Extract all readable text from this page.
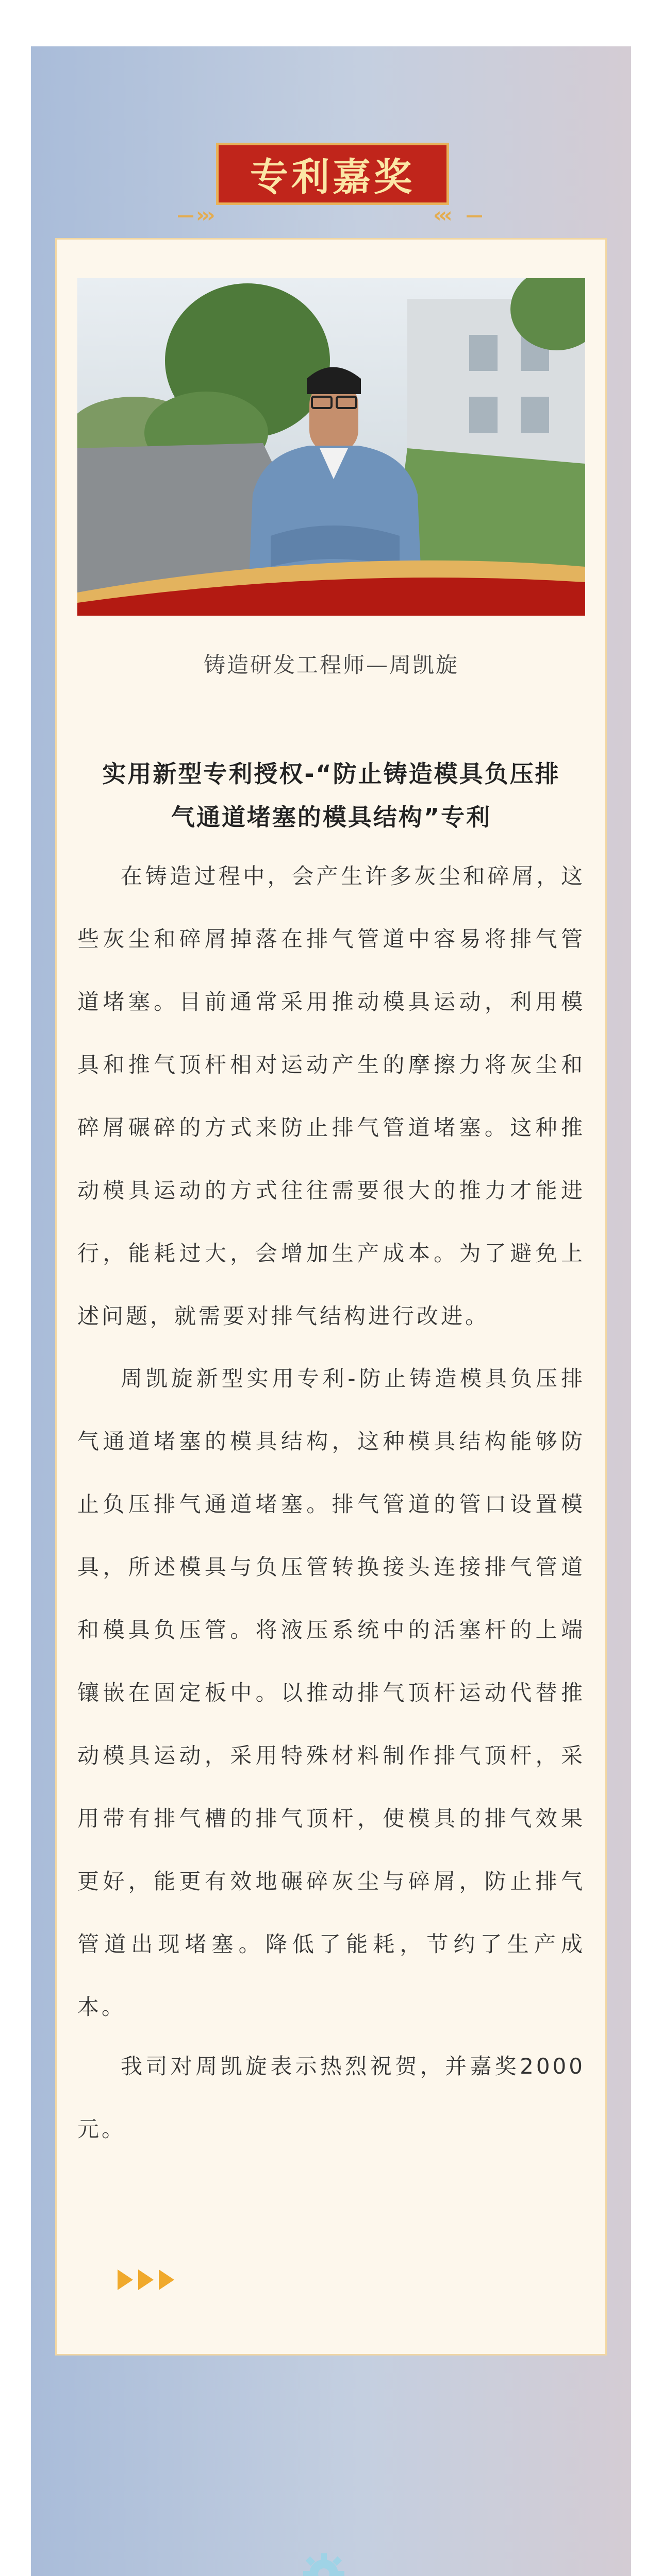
专利嘉奖
›››	‹‹‹
铸造研发工程师—周凯旋
实用新型专利授权-“防止铸造模具负压排
气通道堵塞的模具结构”专利

在铸造过程中，会产生许多灰尘和碎屑，这些灰尘和碎屑掉落在排气管道中容易将排气管道堵塞。目前通常采用推动模具运动，利用模具和推气顶杆相对运动产生的摩擦力将灰尘和碎屑碾碎的方式来防止排气管道堵塞。这种推动模具运动的方式往往需要很大的推力才能进行，能耗过大，会增加生产成本。为了避免上述问题，就需要对排气结构进行改进。

周凯旋新型实用专利-防止铸造模具负压排气通道堵塞的模具结构，这种模具结构能够防止负压排气通道堵塞。排气管道的管口设置模具，所述模具与负压管转换接头连接排气管道和模具负压管。将液压系统中的活塞杆的上端镶嵌在固定板中。以推动排气顶杆运动代替推动模具运动，采用特殊材料制作排气顶杆，采用带有排气槽的排气顶杆，使模具的排气效果更好，能更有效地碾碎灰尘与碎屑，防止排气管道出现堵塞。降低了能耗，节约了生产成本。

我司对周凯旋表示热烈祝贺，并嘉奖2000元。
